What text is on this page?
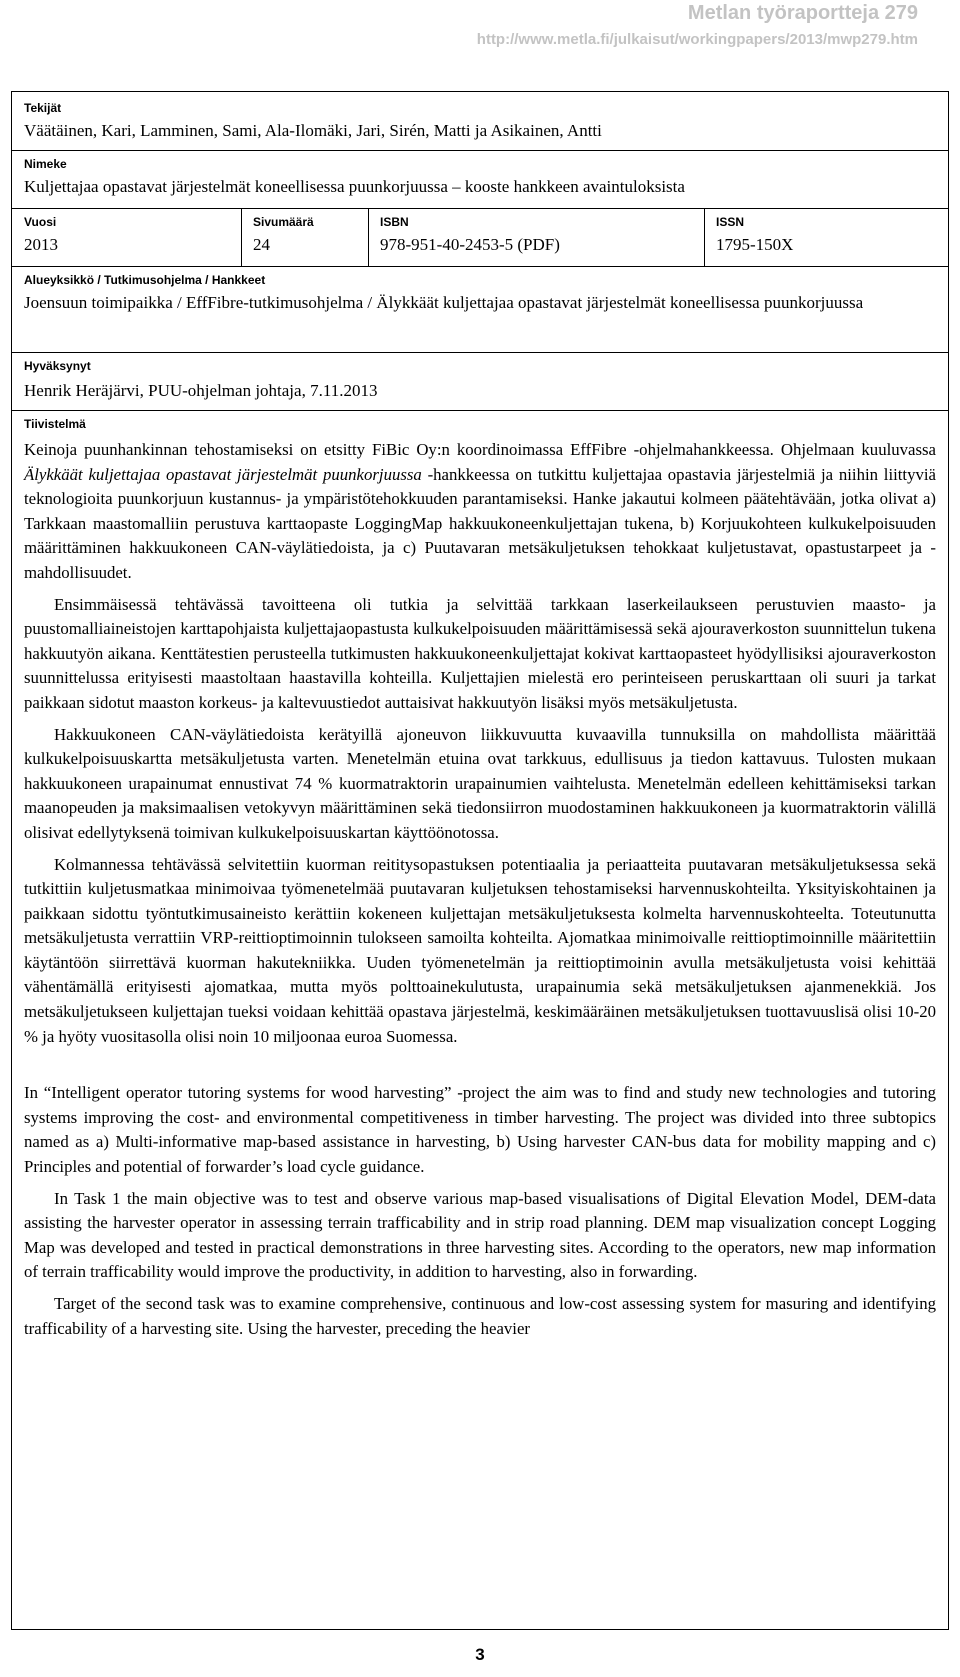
Metlan työraportteja 279
http://www.metla.fi/julkaisut/workingpapers/2013/mwp279.htm
Tekijät
Väätäinen, Kari, Lamminen, Sami, Ala-Ilomäki, Jari, Sirén, Matti ja Asikainen, Antti
Nimeke
Kuljettajaa opastavat järjestelmät koneellisessa puunkorjuussa – kooste hankkeen avaintuloksista
Vuosi
2013
Sivumäärä
24
ISBN
978-951-40-2453-5 (PDF)
ISSN
1795-150X
Alueyksikkö / Tutkimusohjelma / Hankkeet
Joensuun toimipaikka / EffFibre-tutkimusohjelma / Älykkäät kuljettajaa opastavat järjestelmät koneellisessa puunkorjuussa
Hyväksynyt
Henrik Heräjärvi, PUU-ohjelman johtaja, 7.11.2013
Tiivistelmä

Keinoja puunhankinnan tehostamiseksi on etsitty FiBic Oy:n koordinoimassa EffFibre -ohjelmahankkeessa. Ohjelmaan kuuluvassa Älykkäät kuljettajaa opastavat järjestelmät puunkorjuussa -hankkeessa on tutkittu kuljettajaa opastavia järjestelmiä ja niihin liittyviä teknologioita puunkorjuun kustannus- ja ympäristötehokkuuden parantamiseksi. Hanke jakautui kolmeen päätehtävään, jotka olivat a) Tarkkaan maastomalliin perustuva karttaopaste LoggingMap hakkuukoneenkuljettajan tukena, b) Korjuukohteen kulkukelpoisuuden määrittäminen hakkuukoneen CAN-väylätiedoista, ja c) Puutavaran metsäkuljetuksen tehokkaat kuljetustavat, opastustarpeet ja -mahdollisuudet.

Ensimmäisessä tehtävässä tavoitteena oli tutkia ja selvittää tarkkaan laserkeilaukseen perustuvien maasto- ja puustomalliaineistojen karttapohjaista kuljettajaopastusta kulkukelpoisuuden määrittämisessä sekä ajouraverkoston suunnittelun tukena hakkuutyön aikana. Kenttätestien perusteella tutkimusten hakkuukoneenkuljettajat kokivat karttaopasteet hyödyllisiksi ajouraverkoston suunnittelussa erityisesti maastoltaan haastavilla kohteilla. Kuljettajien mielestä ero perinteiseen peruskarttaan oli suuri ja tarkat paikkaan sidotut maaston korkeus- ja kaltevuustiedot auttaisivat hakkuutyön lisäksi myös metsäkuljetusta.

Hakkuukoneen CAN-väylätiedoista kerätyillä ajoneuvon liikkuvuutta kuvaavilla tunnuksilla on mahdollista määrittää kulkukelpoisuuskartta metsäkuljetusta varten. Menetelmän etuina ovat tarkkuus, edullisuus ja tiedon kattavuus. Tulosten mukaan hakkuukoneen urapainumat ennustivat 74 % kuormatraktorin urapainumien vaihtelusta. Menetelmän edelleen kehittämiseksi tarkan maanopeuden ja maksimaalisen vetokyvyn määrittäminen sekä tiedonsiirron muodostaminen hakkuukoneen ja kuormatraktorin välillä olisivat edellytyksenä toimivan kulkukelpoisuuskartan käyttöönotossa.

Kolmannessa tehtävässä selvitettiin kuorman reititysopastuksen potentiaalia ja periaatteita puutavaran metsäkuljetuksessa sekä tutkittiin kuljetusmatkaa minimoivaa työmenetelmää puutavaran kuljetuksen tehostamiseksi harvennuskohteilta. Yksityiskohtainen ja paikkaan sidottu työntutkimusaineisto kerättiin kokeneen kuljettajan metsäkuljetuksesta kolmelta harvennuskohteelta. Toteutunutta metsäkuljetusta verrattiin VRP-reittioptimoinnin tulokseen samoilta kohteilta. Ajomatkaa minimoivalle reittioptimoinnille määritettiin käytäntöön siirrettävä kuorman hakutekniikka. Uuden työmenetelmän ja reittioptimoinin avulla metsäkuljetusta voisi kehittää vähentämällä erityisesti ajomatkaa, mutta myös polttoainekulutusta, urapainumia sekä metsäkuljetuksen ajanmenekkiä. Jos metsäkuljetukseen kuljettajan tueksi voidaan kehittää opastava järjestelmä, keskimääräinen metsäkuljetuksen tuottavuuslisä olisi 10-20 % ja hyöty vuositasolla olisi noin 10 miljoonaa euroa Suomessa.

In “Intelligent operator tutoring systems for wood harvesting” -project the aim was to find and study new technologies and tutoring systems improving the cost- and environmental competitiveness in timber harvesting. The project was divided into three subtopics named as a) Multi-informative map-based assistance in harvesting, b) Using harvester CAN-bus data for mobility mapping and c) Principles and potential of forwarder’s load cycle guidance.

In Task 1 the main objective was to test and observe various map-based visualisations of Digital Elevation Model, DEM-data assisting the harvester operator in assessing terrain trafficability and in strip road planning. DEM map visualization concept Logging Map was developed and tested in practical demonstrations in three harvesting sites. According to the operators, new map information of terrain trafficability would improve the productivity, in addition to harvesting, also in forwarding.

Target of the second task was to examine comprehensive, continuous and low-cost assessing system for masuring and identifying trafficability of a harvesting site. Using the harvester, preceding the heavier

3
